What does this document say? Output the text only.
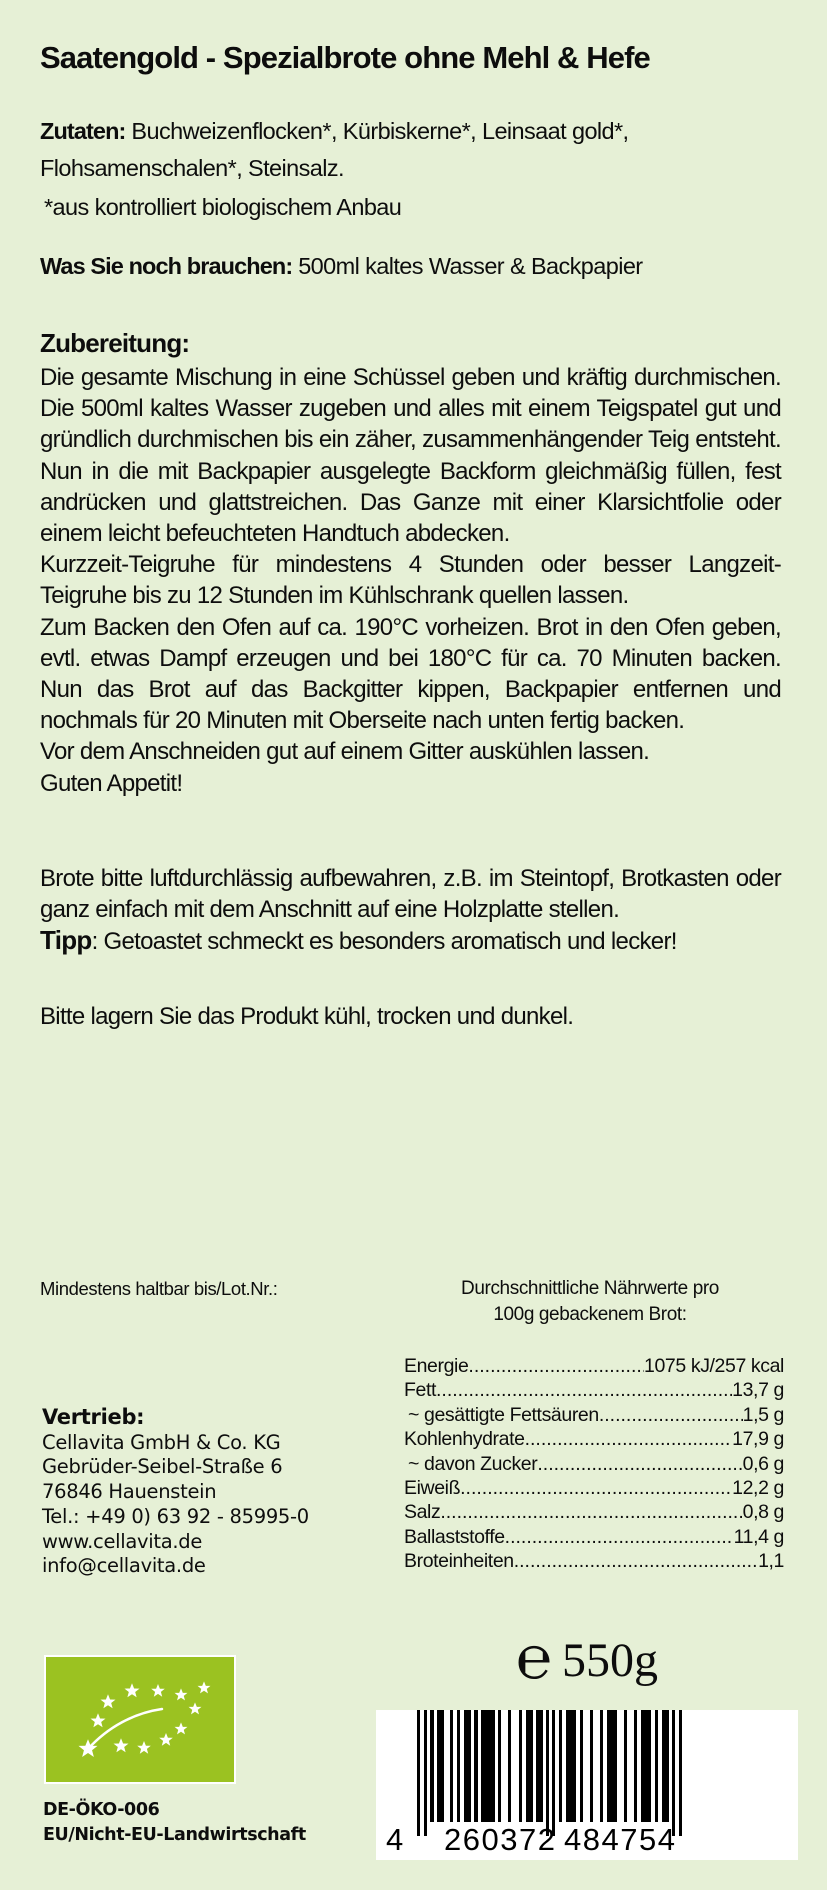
Saatengold - Spezialbrote ohne Mehl & Hefe
Zutaten: Buchweizenflocken*, Kürbiskerne*, Leinsaat gold*, Flohsamenschalen*, Steinsalz.
*aus kontrolliert biologischem Anbau
Was Sie noch brauchen: 500ml kaltes Wasser & Backpapier
Zubereitung:

Die gesamte Mischung in eine Schüssel geben und kräftig durchmischen. Die 500ml kaltes Wasser zugeben und alles mit einem Teigspatel gut und gründlich durchmischen bis ein zäher, zusammenhängender Teig entsteht. Nun in die mit Backpapier ausgelegte Backform gleichmäßig füllen, fest andrücken und glattstreichen. Das Ganze mit einer Klarsichtfolie oder einem leicht befeuchteten Handtuch abdecken.

Kurzzeit-Teigruhe für mindestens 4 Stunden oder besser Langzeit-Teigruhe bis zu 12 Stunden im Kühlschrank quellen lassen.

Zum Backen den Ofen auf ca. 190°C vorheizen. Brot in den Ofen geben, evtl. etwas Dampf erzeugen und bei 180°C für ca. 70 Minuten backen. Nun das Brot auf das Backgitter kippen, Backpapier entfernen und nochmals für 20 Minuten mit Oberseite nach unten fertig backen.

Vor dem Anschneiden gut auf einem Gitter auskühlen lassen.

Guten Appetit!

Brote bitte luftdurchlässig aufbewahren, z.B. im Steintopf, Brotkasten oder ganz einfach mit dem Anschnitt auf eine Holzplatte stellen.

Tipp: Getoastet schmeckt es besonders aromatisch und lecker!

Bitte lagern Sie das Produkt kühl, trocken und dunkel.
Mindestens haltbar bis/Lot.Nr.:	Durchschnittliche Nährwerte pro
100g gebackenem Brot:
Energie .....	1075 kJ/257 kcal
Fett .....	13,7 g
~ gesättigte Fettsäuren .....	1,5 g
Kohlenhydrate .....	17,9 g
~ davon Zucker .....	0,6 g
Eiweiß .....	12,2 g
Salz .....	0,8 g
Ballaststoffe .....	11,4 g
Broteinheiten .....	1,1
Vertrieb:
Cellavita GmbH & Co. KG
Gebrüder-Seibel-Straße 6
76846 Hauenstein
Tel.: +49 0) 63 92 - 85995-0
www.cellavita.de
info@cellavita.de
DE-ÖKO-006
EU/Nicht-EU-Landwirtschaft
℮ 550g
4 260372 484754
